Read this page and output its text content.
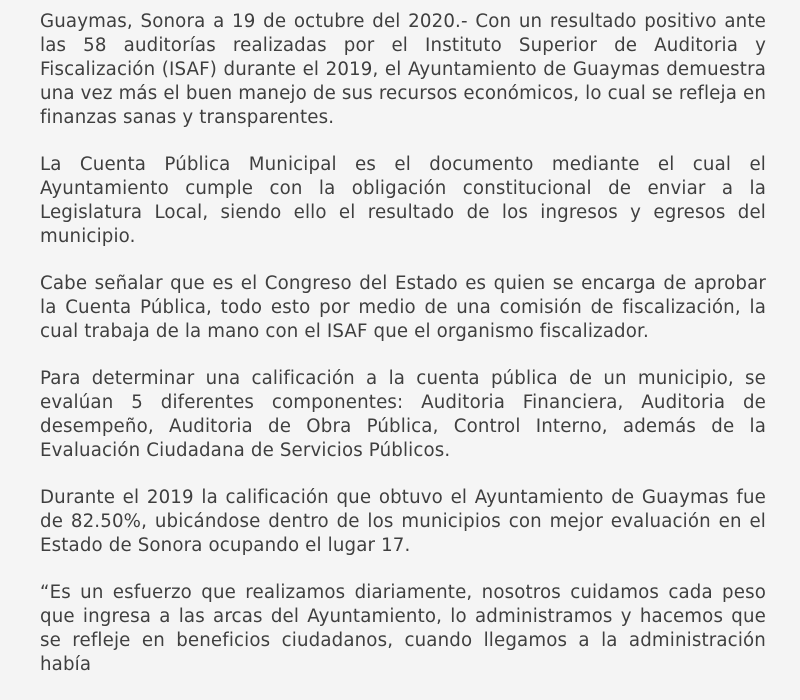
Guaymas, Sonora a 19 de octubre del 2020.- Con un resultado positivo ante las 58 auditorías realizadas por el Instituto Superior de Auditoria y Fiscalización (ISAF) durante el 2019, el Ayuntamiento de Guaymas demuestra una vez más el buen manejo de sus recursos económicos, lo cual se refleja en finanzas sanas y transparentes.

La Cuenta Pública Municipal es el documento mediante el cual el Ayuntamiento cumple con la obligación constitucional de enviar a la Legislatura Local, siendo ello el resultado de los ingresos y egresos del municipio.

Cabe señalar que es el Congreso del Estado es quien se encarga de aprobar la Cuenta Pública, todo esto por medio de una comisión de fiscalización, la cual trabaja de la mano con el ISAF que el organismo fiscalizador.

Para determinar una calificación a la cuenta pública de un municipio, se evalúan 5 diferentes componentes: Auditoria Financiera, Auditoria de desempeño, Auditoria de Obra Pública, Control Interno, además de la Evaluación Ciudadana de Servicios Públicos.

Durante el 2019 la calificación que obtuvo el Ayuntamiento de Guaymas fue de 82.50%, ubicándose dentro de los municipios con mejor evaluación en el Estado de Sonora ocupando el lugar 17.

“Es un esfuerzo que realizamos diariamente, nosotros cuidamos cada peso que ingresa a las arcas del Ayuntamiento, lo administramos y hacemos que se refleje en beneficios ciudadanos, cuando llegamos a la administración había
